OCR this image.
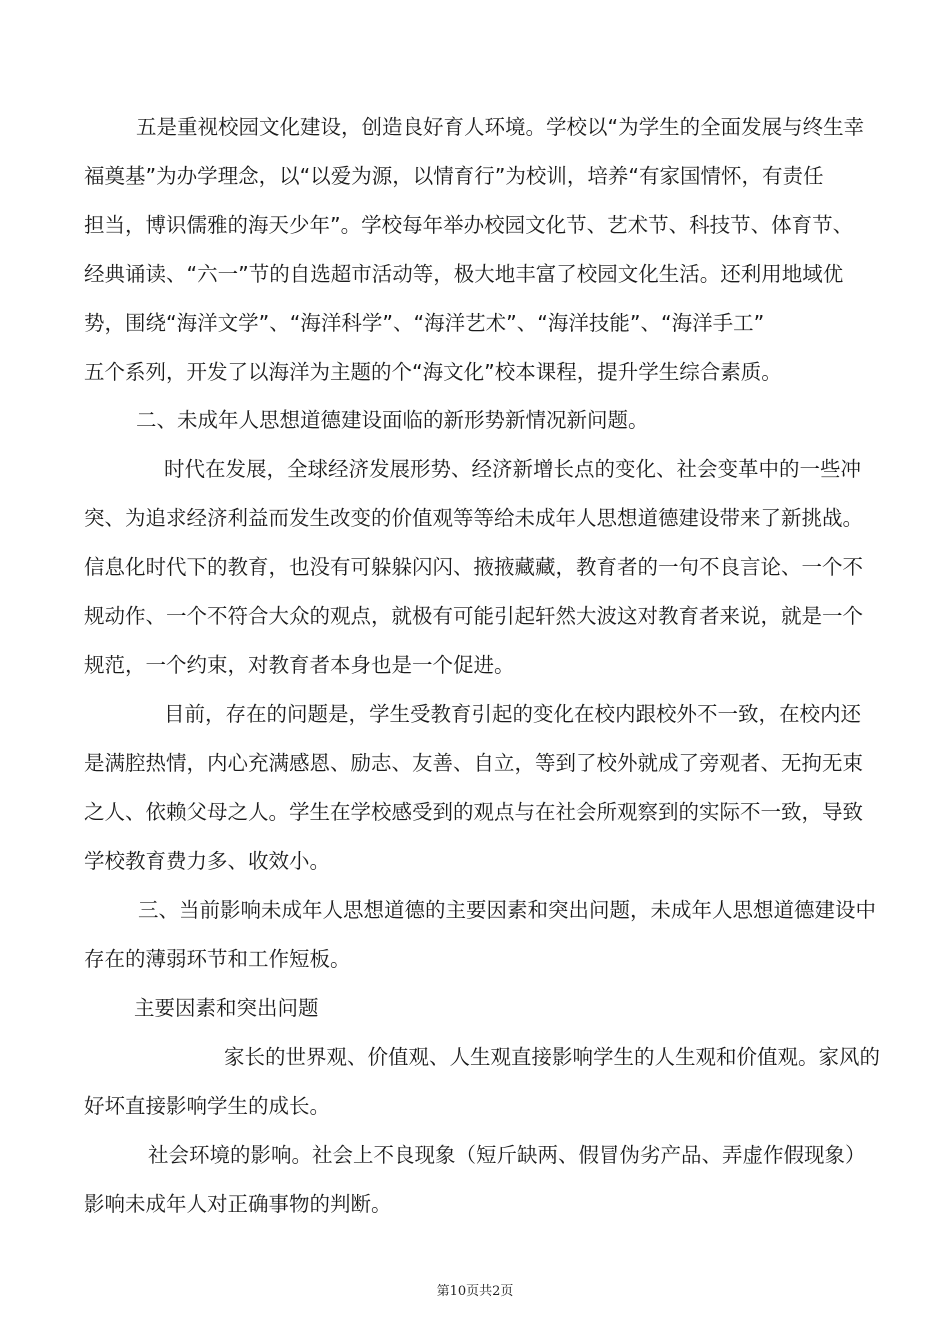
五是重视校园文化建设，创造良好育人环境。学校以“为学生的全面发展与终生幸
福奠基”为办学理念，以“以爱为源，以情育行”为校训，培养“有家国情怀，有责任
担当，博识儒雅的海天少年”。学校每年举办校园文化节、艺术节、科技节、体育节、
经典诵读、“六一”节的自选超市活动等，极大地丰富了校园文化生活。还利用地域优
势，围绕“海洋文学”、“海洋科学”、“海洋艺术”、“海洋技能”、“海洋手工”
五个系列，开发了以海洋为主题的个“海文化”校本课程，提升学生综合素质。
二、未成年人思想道德建设面临的新形势新情况新问题。
时代在发展，全球经济发展形势、经济新增长点的变化、社会变革中的一些冲
突、为追求经济利益而发生改变的价值观等等给未成年人思想道德建设带来了新挑战。
信息化时代下的教育，也没有可躲躲闪闪、掖掖藏藏，教育者的一句不良言论、一个不
规动作、一个不符合大众的观点，就极有可能引起轩然大波这对教育者来说，就是一个
规范，一个约束，对教育者本身也是一个促进。
目前，存在的问题是，学生受教育引起的变化在校内跟校外不一致，在校内还
是满腔热情，内心充满感恩、励志、友善、自立，等到了校外就成了旁观者、无拘无束
之人、依赖父母之人。学生在学校感受到的观点与在社会所观察到的实际不一致，导致
学校教育费力多、收效小。
三、当前影响未成年人思想道德的主要因素和突出问题，未成年人思想道德建设中
存在的薄弱环节和工作短板。
主要因素和突出问题
家长的世界观、价值观、人生观直接影响学生的人生观和价值观。家风的
好坏直接影响学生的成长。
社会环境的影响。社会上不良现象（短斤缺两、假冒伪劣产品、弄虚作假现象）
影响未成年人对正确事物的判断。
第10页共2页
